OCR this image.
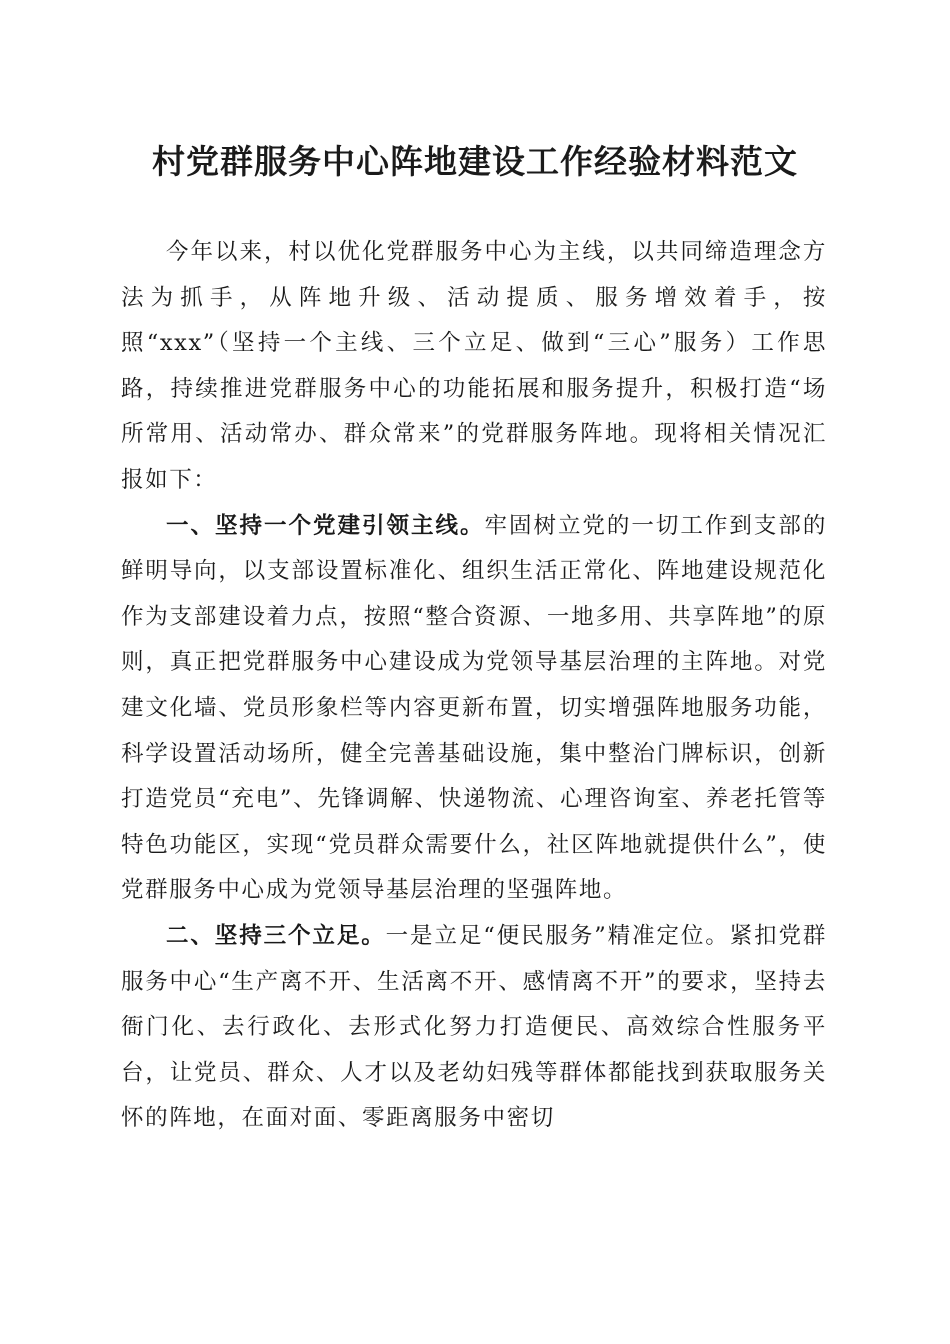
村党群服务中心阵地建设工作经验材料范文

今年以来，村以优化党群服务中心为主线，以共同缔造理念方法为抓手，从阵地升级、活动提质、服务增效着手，按照“xxx”（坚持一个主线、三个立足、做到“三心”服务）工作思路，持续推进党群服务中心的功能拓展和服务提升，积极打造“场所常用、活动常办、群众常来”的党群服务阵地。现将相关情况汇报如下：

一、坚持一个党建引领主线。牢固树立党的一切工作到支部的鲜明导向，以支部设置标准化、组织生活正常化、阵地建设规范化作为支部建设着力点，按照“整合资源、一地多用、共享阵地”的原则，真正把党群服务中心建设成为党领导基层治理的主阵地。对党建文化墙、党员形象栏等内容更新布置，切实增强阵地服务功能，科学设置活动场所，健全完善基础设施，集中整治门牌标识，创新打造党员“充电”、先锋调解、快递物流、心理咨询室、养老托管等特色功能区，实现“党员群众需要什么，社区阵地就提供什么”，使党群服务中心成为党领导基层治理的坚强阵地。

二、坚持三个立足。一是立足“便民服务”精准定位。紧扣党群服务中心“生产离不开、生活离不开、感情离不开”的要求，坚持去衙门化、去行政化、去形式化努力打造便民、高效综合性服务平台，让党员、群众、人才以及老幼妇残等群体都能找到获取服务关怀的阵地，在面对面、零距离服务中密切
